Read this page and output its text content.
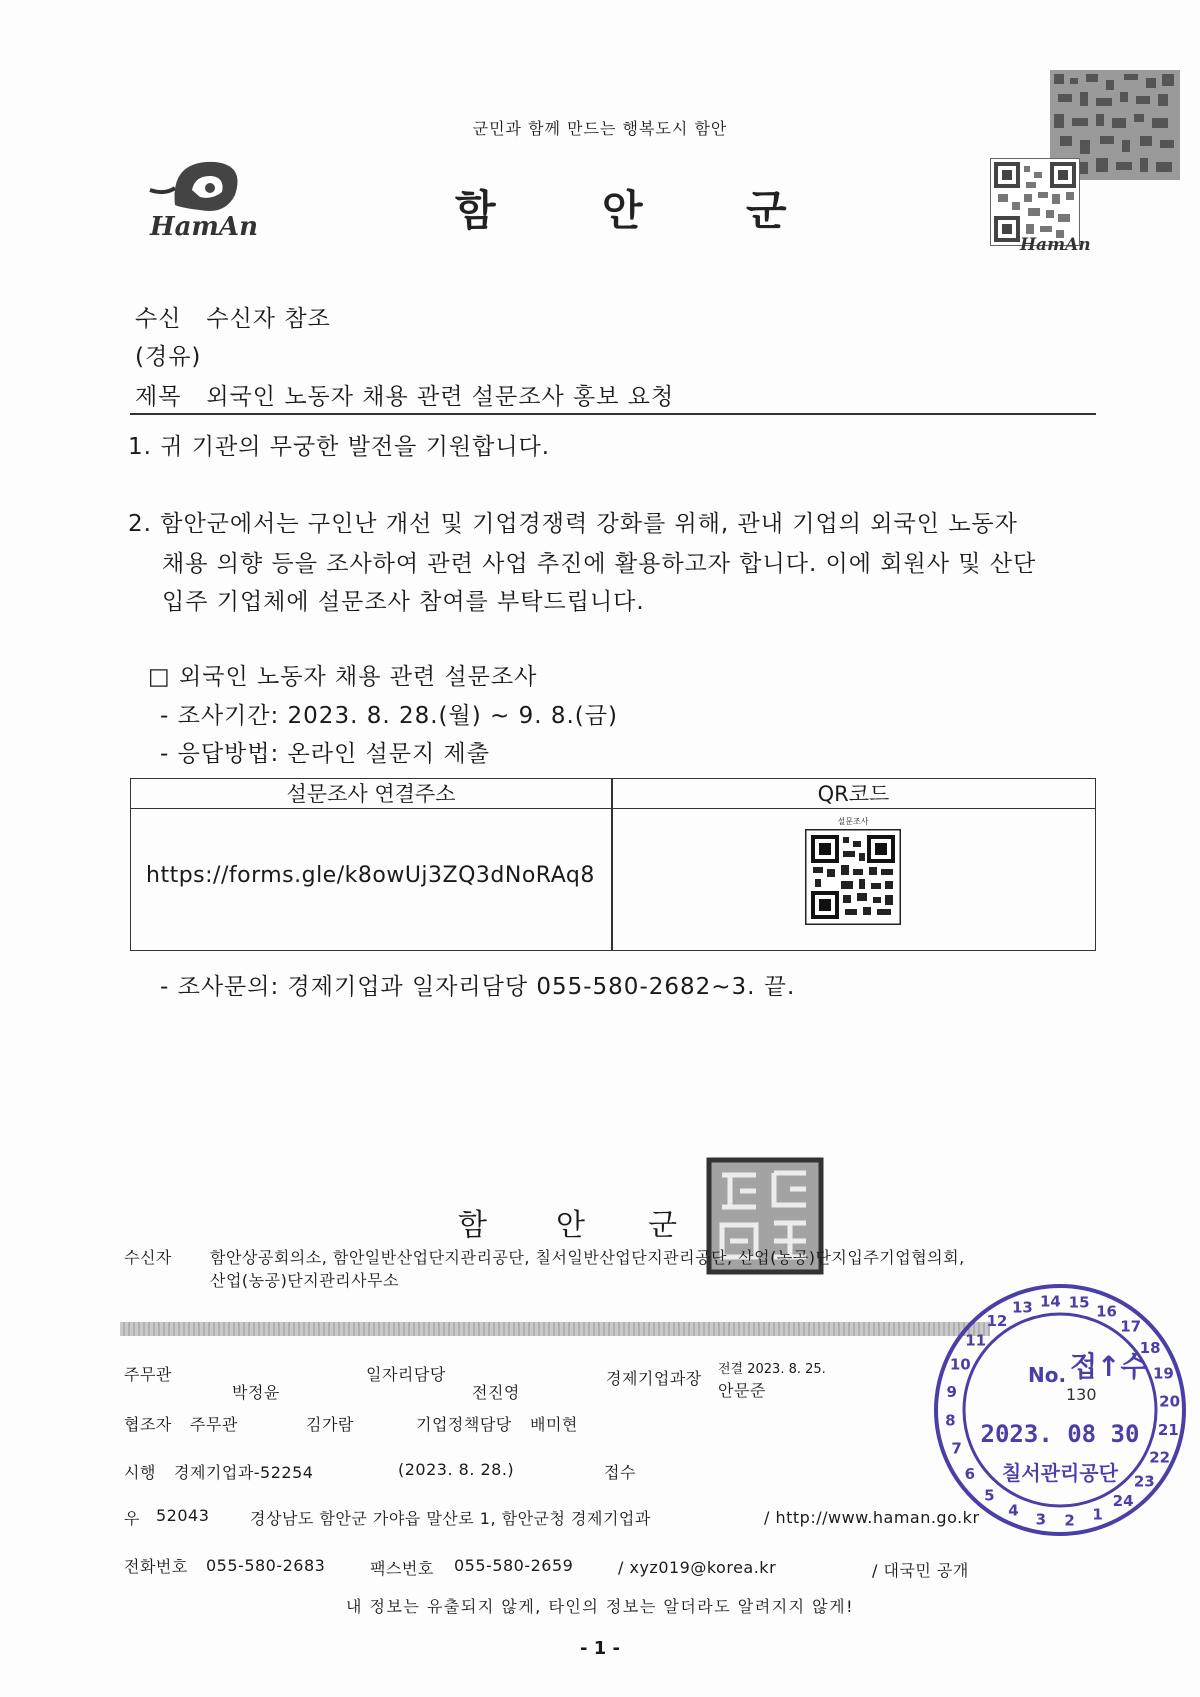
군민과 함께 만드는 행복도시 함안
HamAn	함	안 군
HamAn
수신 수신자 참조
(경유)
제목 외국인 노동자 채용 관련 설문조사 홍보 요청
1. 귀 기관의 무궁한 발전을 기원합니다.
2. 함안군에서는 구인난 개선 및 기업경쟁력 강화를 위해, 관내 기업의 외국인 노동자
채용 의향 등을 조사하여 관련 사업 추진에 활용하고자 합니다. 이에 회원사 및 산단
입주 기업체에 설문조사 참여를 부탁드립니다.
□ 외국인 노동자 채용 관련 설문조사
- 조사기간: 2023. 8. 28.(월) ~ 9. 8.(금)
- 응답방법: 온라인 설문지 제출
설문조사 연결주소	QR코드
https://forms.gle/k8owUj3ZQ3dNoRAq8
설문조사
- 조사문의: 경제기업과 일자리담당 055-580-2682~3. 끝.
함 안 군
수신자 함안상공회의소, 함안일반산업단지관리공단, 칠서일반산업단지관리공단, 산업(농공)단지입주기업협의회,
산업(농공)단지관리사무소
주무관
박정윤
일자리담당
전진영
경제기업과장 전결 2023. 8. 25.
안문준
협조자 주무관	김가람	기업정책담당 배미현
시행 경제기업과-52254	(2023. 8. 28.)	접수
우 52043	경상남도 함안군 가야읍 말산로 1, 함안군청 경제기업과	/ http://www.haman.go.kr
전화번호 055-580-2683	팩스번호 055-580-2659	/ xyz019@korea.kr	/ 대국민 공개
내 정보는 유출되지 않게, 타인의 정보는 알더라도 알려지지 않게!
- 1 -
10
11
12
13 14 15 16
17
18
19
20
21
22
23
24
1
2
3
4
5
6
7
8
9
No. 접↑수
130
2023. 08 30
칠서관리공단
